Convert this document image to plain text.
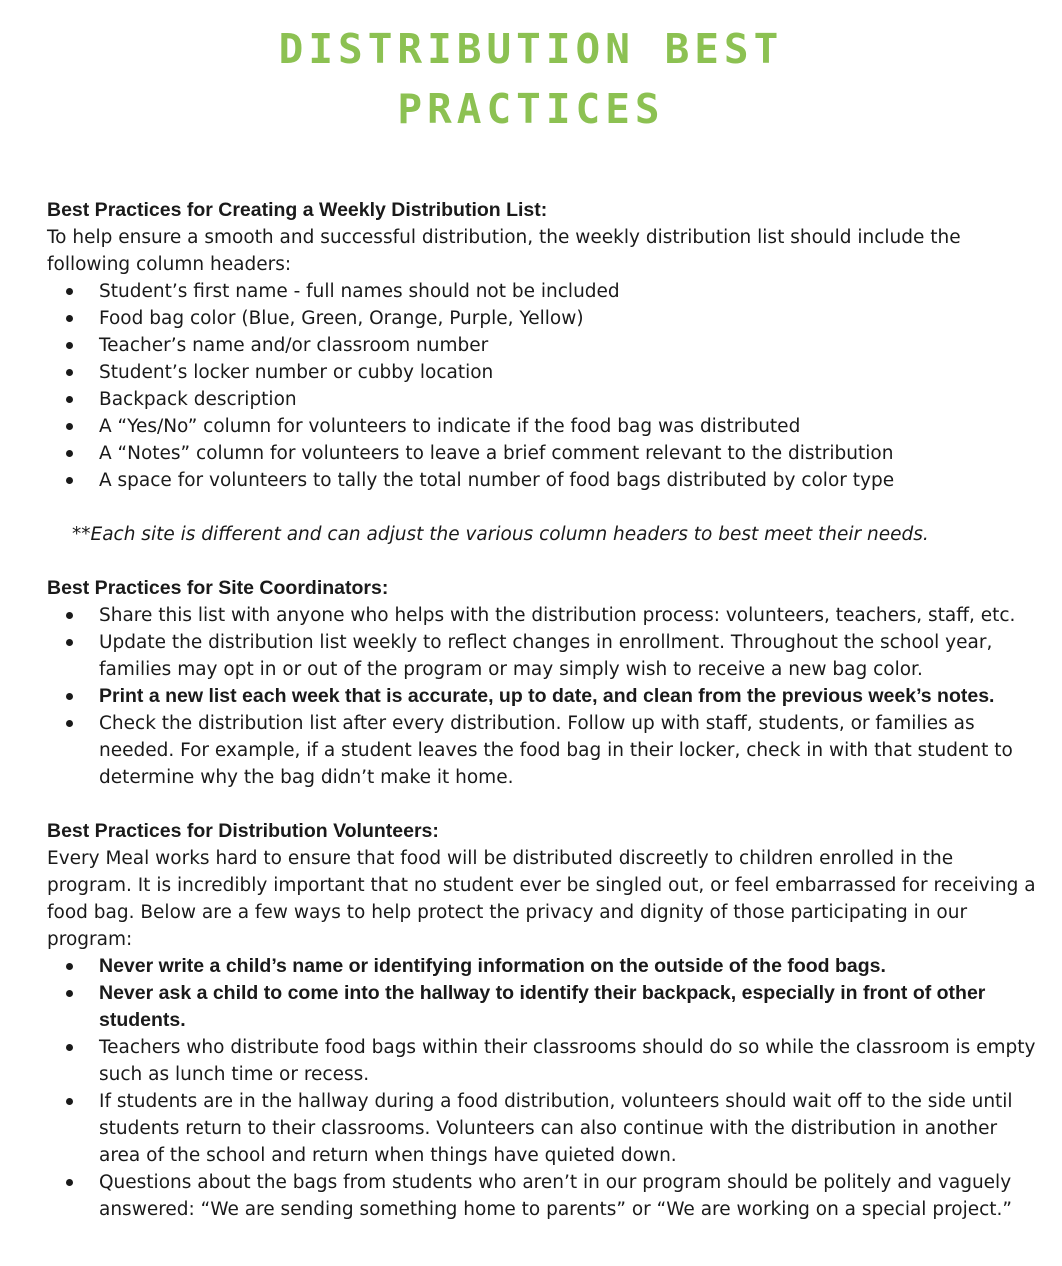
DISTRIBUTION BEST
PRACTICES

Best Practices for Creating a Weekly Distribution List:

To help ensure a smooth and successful distribution, the weekly distribution list should include the following column headers:

Student’s first name - full names should not be included
Food bag color (Blue, Green, Orange, Purple, Yellow)
Teacher’s name and/or classroom number
Student’s locker number or cubby location
Backpack description
A “Yes/No” column for volunteers to indicate if the food bag was distributed
A “Notes” column for volunteers to leave a brief comment relevant to the distribution
A space for volunteers to tally the total number of food bags distributed by color type

**Each site is different and can adjust the various column headers to best meet their needs.

Best Practices for Site Coordinators:

Share this list with anyone who helps with the distribution process: volunteers, teachers, staff, etc.
Update the distribution list weekly to reflect changes in enrollment. Throughout the school year, families may opt in or out of the program or may simply wish to receive a new bag color.
Print a new list each week that is accurate, up to date, and clean from the previous week’s notes.
Check the distribution list after every distribution. Follow up with staff, students, or families as needed. For example, if a student leaves the food bag in their locker, check in with that student to determine why the bag didn’t make it home.

Best Practices for Distribution Volunteers:

Every Meal works hard to ensure that food will be distributed discreetly to children enrolled in the program. It is incredibly important that no student ever be singled out, or feel embarrassed for receiving a food bag. Below are a few ways to help protect the privacy and dignity of those participating in our program:

Never write a child’s name or identifying information on the outside of the food bags.
Never ask a child to come into the hallway to identify their backpack, especially in front of other students.
Teachers who distribute food bags within their classrooms should do so while the classroom is empty such as lunch time or recess.
If students are in the hallway during a food distribution, volunteers should wait off to the side until students return to their classrooms. Volunteers can also continue with the distribution in another area of the school and return when things have quieted down.
Questions about the bags from students who aren’t in our program should be politely and vaguely answered: “We are sending something home to parents” or “We are working on a special project.”
